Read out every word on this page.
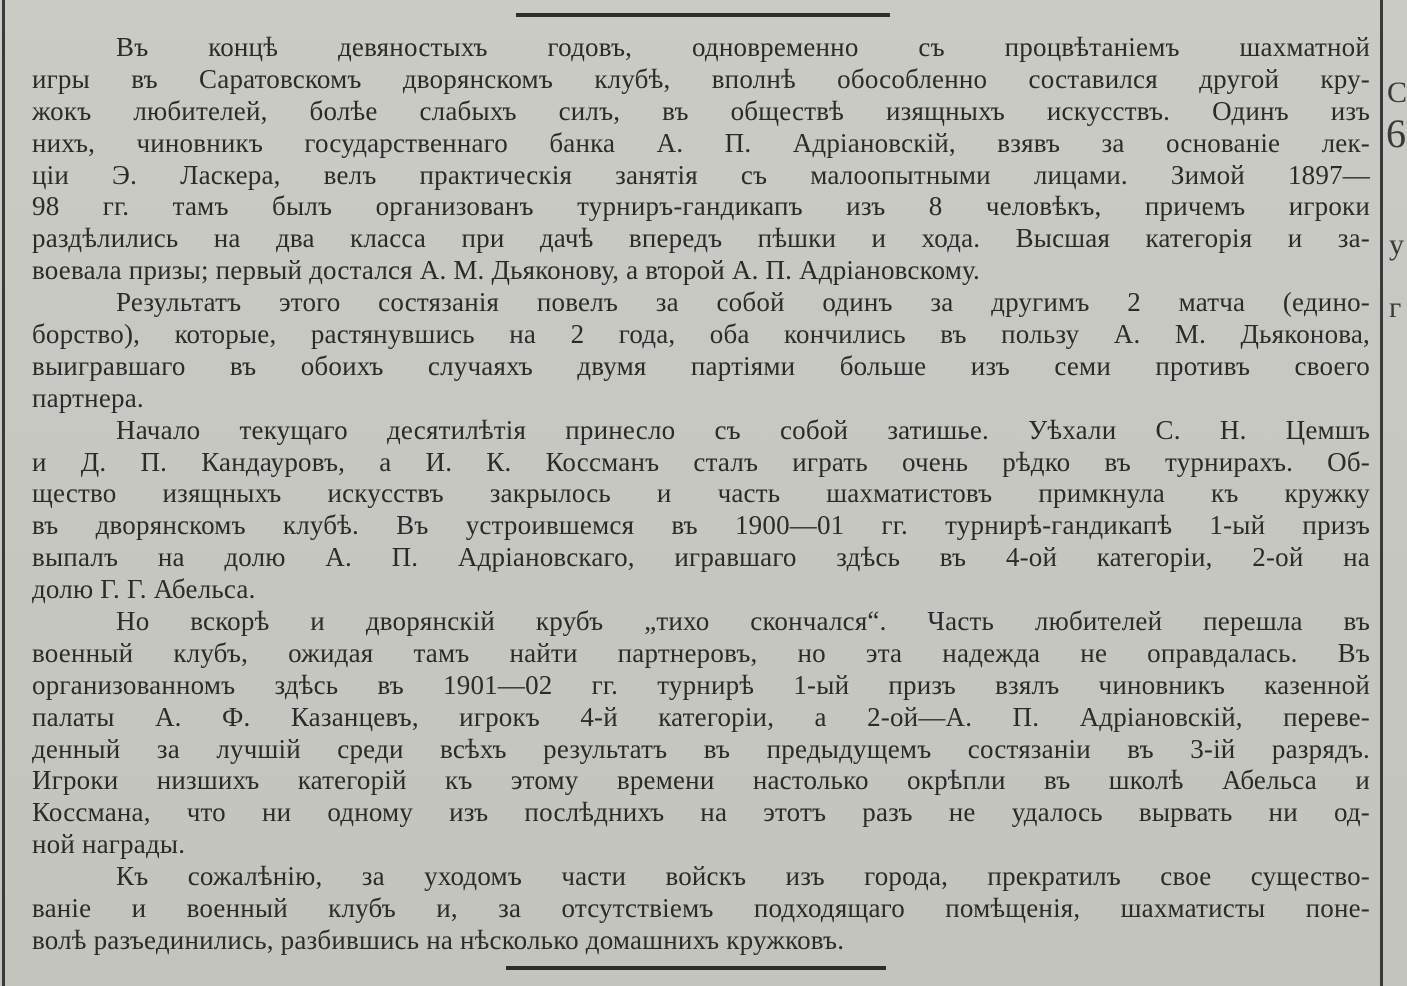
С
6
у
г
Въ концѣ девяностыхъ годовъ, одновременно съ процвѣтаніемъ шахматной
игры въ Саратовскомъ дворянскомъ клубѣ, вполнѣ обособленно составился другой кру-
жокъ любителей, болѣе слабыхъ силъ, въ обществѣ изящныхъ искусствъ. Одинъ изъ
нихъ, чиновникъ государственнаго банка А. П. Адріановскій, взявъ за основаніе лек-
ціи Э. Ласкера, велъ практическія занятія съ малоопытными лицами. Зимой 1897—
98 гг. тамъ былъ организованъ турниръ-гандикапъ изъ 8 человѣкъ, причемъ игроки
раздѣлились на два класса при дачѣ впередъ пѣшки и хода. Высшая категорія и за-
воевала призы; первый достался А. М. Дьяконову, а второй А. П. Адріановскому.
Результатъ этого состязанія повелъ за собой одинъ за другимъ 2 матча (едино-
борство), которые, растянувшись на 2 года, оба кончились въ пользу А. М. Дьяконова,
выигравшаго въ обоихъ случаяхъ двумя партіями больше изъ семи противъ своего
партнера.
Начало текущаго десятилѣтія принесло съ собой затишье. Уѣхали С. Н. Цемшъ
и Д. П. Кандауровъ, а И. К. Коссманъ сталъ играть очень рѣдко въ турнирахъ. Об-
щество изящныхъ искусствъ закрылось и часть шахматистовъ примкнула къ кружку
въ дворянскомъ клубѣ. Въ устроившемся въ 1900—01 гг. турнирѣ-гандикапѣ 1-ый призъ
выпалъ на долю А. П. Адріановскаго, игравшаго здѣсь въ 4-ой категоріи, 2-ой на
долю Г. Г. Абельса.
Но вскорѣ и дворянскій крубъ „тихо скончался“. Часть любителей перешла въ
военный клубъ, ожидая тамъ найти партнеровъ, но эта надежда не оправдалась. Въ
организованномъ здѣсь въ 1901—02 гг. турнирѣ 1-ый призъ взялъ чиновникъ казенной
палаты А. Ф. Казанцевъ, игрокъ 4-й категоріи, а 2-ой—А. П. Адріановскій, переве-
денный за лучшій среди всѣхъ результатъ въ предыдущемъ состязаніи въ 3-ій разрядъ.
Игроки низшихъ категорій къ этому времени настолько окрѣпли въ школѣ Абельса и
Коссмана, что ни одному изъ послѣднихъ на этотъ разъ не удалось вырвать ни од-
ной награды.
Къ сожалѣнію, за уходомъ части войскъ изъ города, прекратилъ свое существо-
ваніе и военный клубъ и, за отсутствіемъ подходящаго помѣщенія, шахматисты поне-
волѣ разъединились, разбившись на нѣсколько домашнихъ кружковъ.
